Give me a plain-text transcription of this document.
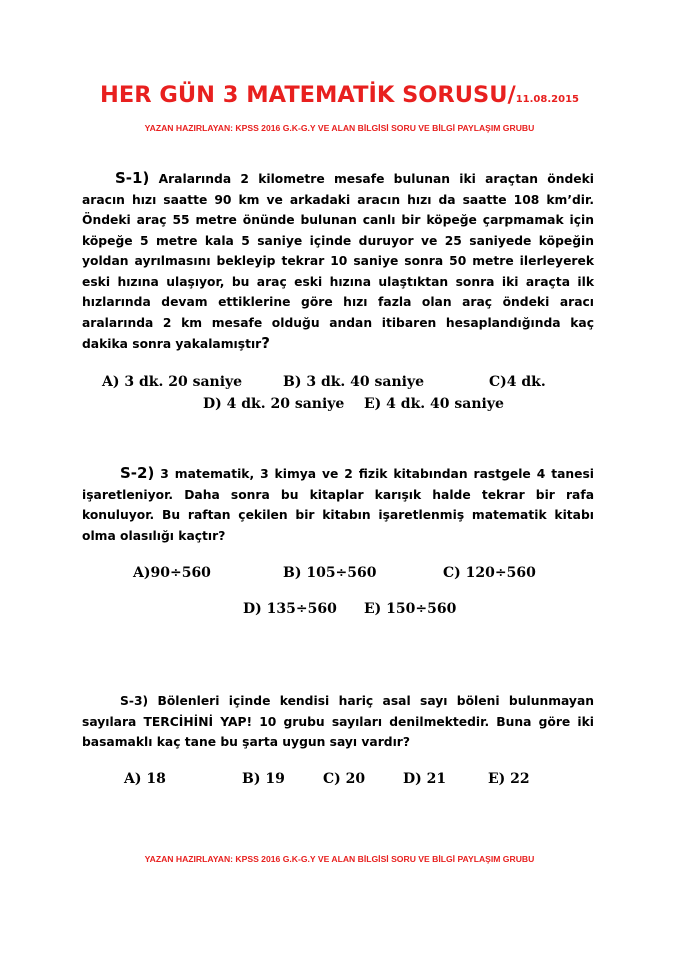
HER GÜN 3 MATEMATİK SORUSU/11.08.2015
YAZAN HAZIRLAYAN: KPSS 2016 G.K-G.Y VE ALAN BİLGİSİ SORU VE BİLGİ PAYLAŞIM GRUBU
S-1) Aralarında 2 kilometre mesafe bulunan iki araçtan öndeki aracın hızı saatte 90 km ve arkadaki aracın hızı da saatte 108 km’dir. Öndeki araç 55 metre önünde bulunan canlı bir köpeğe çarpmamak için köpeğe 5 metre kala 5 saniye içinde duruyor ve 25 saniyede köpeğin yoldan ayrılmasını bekleyip tekrar 10 saniye sonra 50 metre ilerleyerek eski hızına ulaşıyor, bu araç eski hızına ulaştıktan sonra iki araçta ilk hızlarında devam ettiklerine göre hızı fazla olan araç öndeki aracı aralarında 2 km mesafe olduğu andan itibaren hesaplandığında kaç dakika sonra yakalamıştır?
A) 3 dk. 20 saniye	B) 3 dk. 40 saniye	C)4 dk.
D) 4 dk. 20 saniye E) 4 dk. 40 saniye
S-2) 3 matematik, 3 kimya ve 2 fizik kitabından rastgele 4 tanesi işaretleniyor. Daha sonra bu kitaplar karışık halde tekrar bir rafa konuluyor. Bu raftan çekilen bir kitabın işaretlenmiş matematik kitabı olma olasılığı kaçtır?
A)90÷560	B) 105÷560	C) 120÷560
D) 135÷560 E) 150÷560
S-3) Bölenleri içinde kendisi hariç asal sayı böleni bulunmayan sayılara TERCİHİNİ YAP! 10 grubu sayıları denilmektedir. Buna göre iki basamaklı kaç tane bu şarta uygun sayı vardır?
A) 18	B) 19	C) 20	D) 21	E) 22
YAZAN HAZIRLAYAN: KPSS 2016 G.K-G.Y VE ALAN BİLGİSİ SORU VE BİLGİ PAYLAŞIM GRUBU
